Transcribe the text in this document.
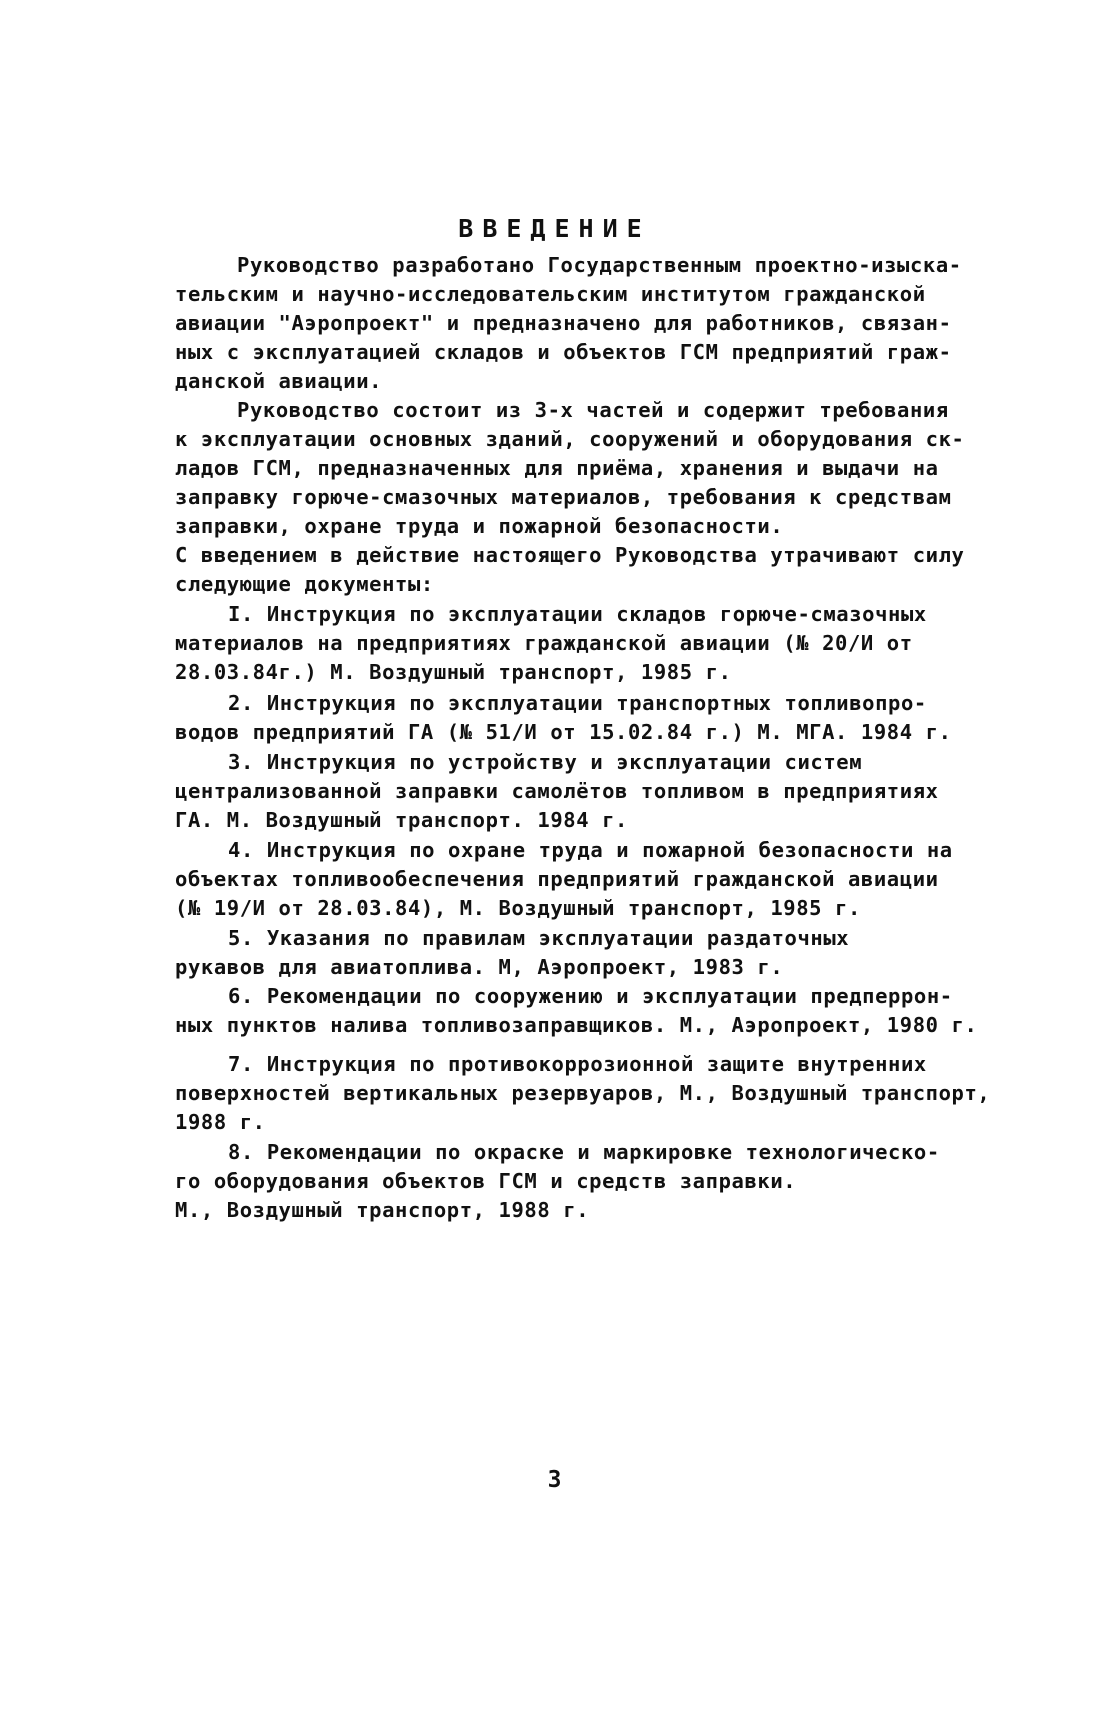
ВВЕДЕНИЕ
Руководство разработано Государственным проектно-изыска-
тельским и научно-исследовательским институтом гражданской
авиации "Аэропроект" и предназначено для работников, связан-
ных с эксплуатацией складов и объектов ГСМ предприятий граж-
данской авиации.
Руководство состоит из 3-х частей и содержит требования
к эксплуатации основных зданий, сооружений и оборудования ск-
ладов ГСМ, предназначенных для приёма, хранения и выдачи на
заправку горюче-смазочных материалов, требования к средствам
заправки, охране труда и пожарной безопасности.
С введением в действие настоящего Руководства утрачивают силу
следующие документы:
I. Инструкция по эксплуатации складов горюче-смазочных
материалов на предприятиях гражданской авиации (№ 20/И от
28.03.84г.) М. Воздушный транспорт, 1985 г.
2. Инструкция по эксплуатации транспортных топливопро-
водов предприятий ГА (№ 51/И от 15.02.84 г.) М. МГА. 1984 г.
3. Инструкция по устройству и эксплуатации систем
централизованной заправки самолётов топливом в предприятиях
ГА. М. Воздушный транспорт. 1984 г.
4. Инструкция по охране труда и пожарной безопасности на
объектах топливообеспечения предприятий гражданской авиации
(№ 19/И от 28.03.84), М. Воздушный транспорт, 1985 г.
5. Указания по правилам эксплуатации раздаточных
рукавов для авиатоплива. М, Аэропроект, 1983 г.
6. Рекомендации по сооружению и эксплуатации предперрон-
ных пунктов налива топливозаправщиков. М., Аэропроект, 1980 г.
7. Инструкция по противокоррозионной защите внутренних
поверхностей вертикальных резервуаров, М., Воздушный транспорт,
1988 г.
8. Рекомендации по окраске и маркировке технологическо-
го оборудования объектов ГСМ и средств заправки.
М., Воздушный транспорт, 1988 г.
3
